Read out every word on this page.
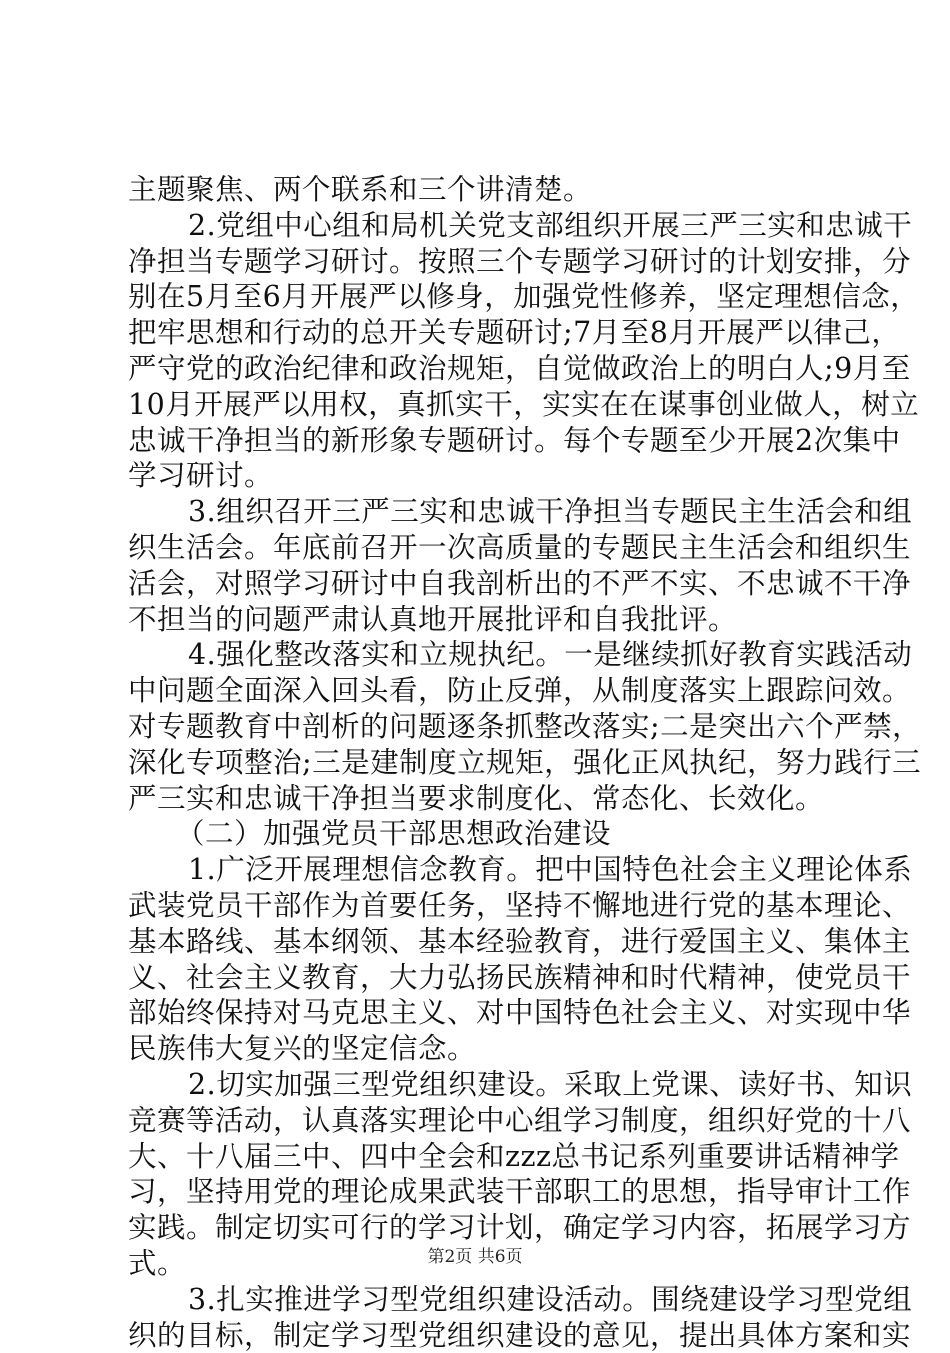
主题聚焦、两个联系和三个讲清楚。
2.党组中心组和局机关党支部组织开展三严三实和忠诚干
净担当专题学习研讨。按照三个专题学习研讨的计划安排，分
别在5月至6月开展严以修身，加强党性修养，坚定理想信念，
把牢思想和行动的总开关专题研讨;7月至8月开展严以律己，
严守党的政治纪律和政治规矩，自觉做政治上的明白人;9月至
10月开展严以用权，真抓实干，实实在在谋事创业做人，树立
忠诚干净担当的新形象专题研讨。每个专题至少开展2次集中
学习研讨。
3.组织召开三严三实和忠诚干净担当专题民主生活会和组
织生活会。年底前召开一次高质量的专题民主生活会和组织生
活会，对照学习研讨中自我剖析出的不严不实、不忠诚不干净
不担当的问题严肃认真地开展批评和自我批评。
4.强化整改落实和立规执纪。一是继续抓好教育实践活动
中问题全面深入回头看，防止反弹，从制度落实上跟踪问效。
对专题教育中剖析的问题逐条抓整改落实;二是突出六个严禁，
深化专项整治;三是建制度立规矩，强化正风执纪，努力践行三
严三实和忠诚干净担当要求制度化、常态化、长效化。
（二）加强党员干部思想政治建设
1.广泛开展理想信念教育。把中国特色社会主义理论体系
武装党员干部作为首要任务，坚持不懈地进行党的基本理论、
基本路线、基本纲领、基本经验教育，进行爱国主义、集体主
义、社会主义教育，大力弘扬民族精神和时代精神，使党员干
部始终保持对马克思主义、对中国特色社会主义、对实现中华
民族伟大复兴的坚定信念。
2.切实加强三型党组织建设。采取上党课、读好书、知识
竞赛等活动，认真落实理论中心组学习制度，组织好党的十八
大、十八届三中、四中全会和zzz总书记系列重要讲话精神学
习，坚持用党的理论成果武装干部职工的思想，指导审计工作
实践。制定切实可行的学习计划，确定学习内容，拓展学习方
式。
3.扎实推进学习型党组织建设活动。围绕建设学习型党组
织的目标，制定学习型党组织建设的意见，提出具体方案和实
第2页 共6页
